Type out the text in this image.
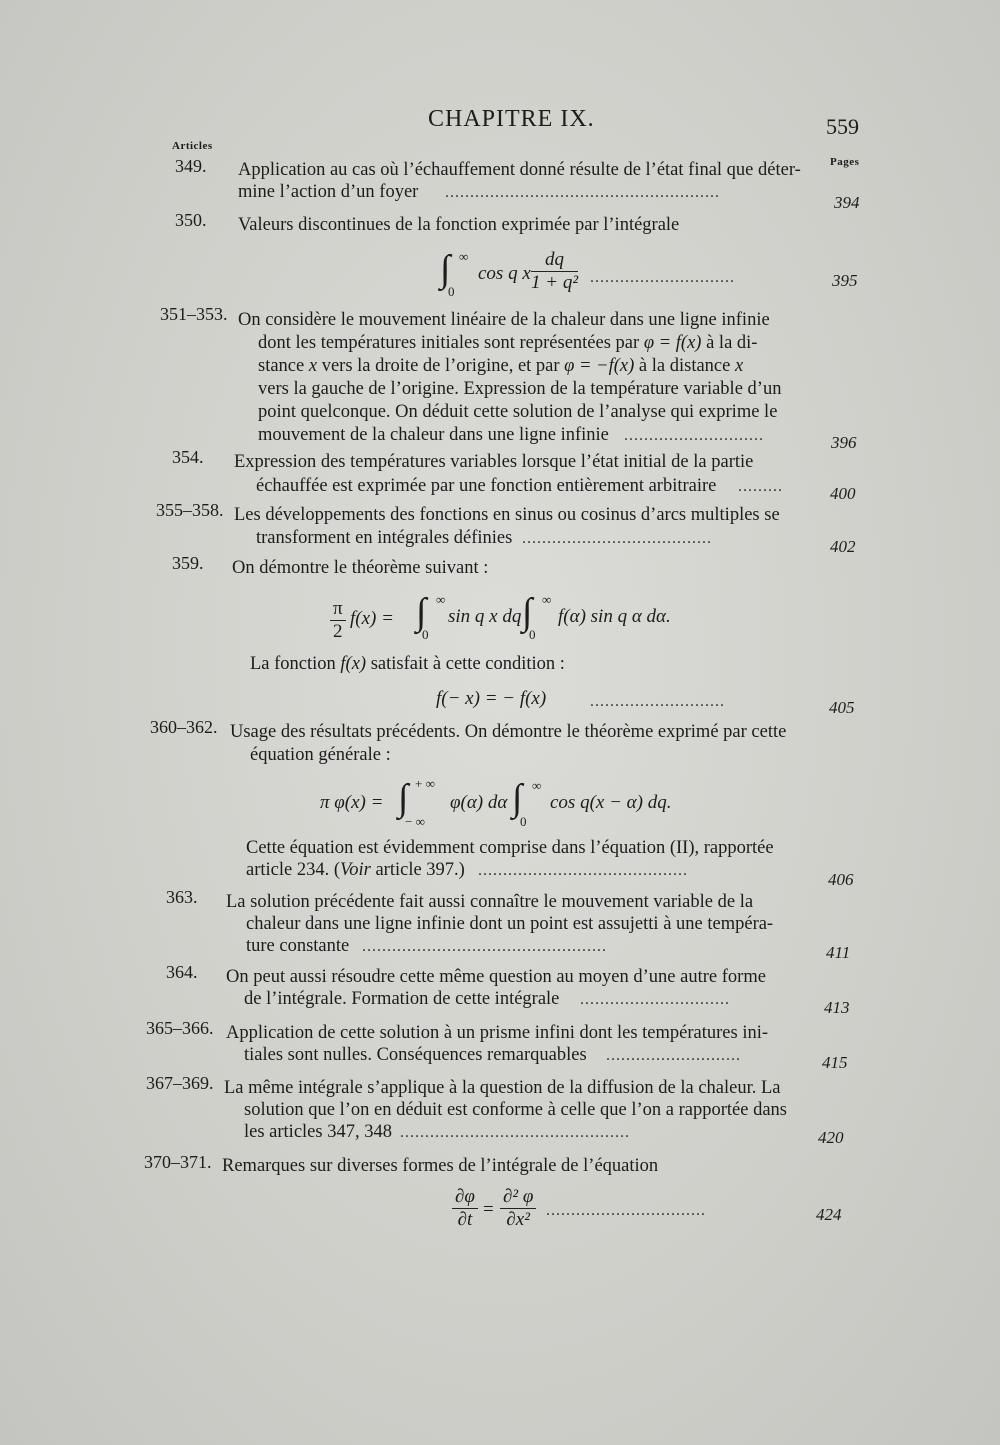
CHAPITRE IX.	559
Articles
Pages
349. Application au cas où l’échauffement donné résulte de l’état final que déter-
mine l’action d’un foyer .......................................................
394
350. Valeurs discontinues de la fonction exprimée par l’intégrale
∫ ∞
0
cos q x $\frac{dq}{\text{1 + q²}}$ .............................	395
351–353. On considère le mouvement linéaire de la chaleur dans une ligne infinie
dont les températures initiales sont représentées par φ = f(x) à la di-
stance x vers la droite de l’origine, et par φ = −f(x) à la distance x
vers la gauche de l’origine. Expression de la température variable d’un
point quelconque. On déduit cette solution de l’analyse qui exprime le
mouvement de la chaleur dans une ligne infinie ............................	396
354. Expression des températures variables lorsque l’état initial de la partie
échauffée est exprimée par une fonction entièrement arbitraire .........	400
355–358. Les développements des fonctions en sinus ou cosinus d’arcs multiples se
transforment en intégrales définies ......................................	402
359. On démontre le théorème suivant :
$\frac{\pi}{2} f(x)$ = ∫ ∞
0
sin q x dq ∫ ∞
0
f(α) sin q α dα.
La fonction f(x) satisfait à cette condition :
f(− x) = − f(x)	...........................	405
360–362. Usage des résultats précédents. On démontre le théorème exprimé par cette
équation générale :
π φ(x) = ∫ + ∞
− ∞
φ(α) dα ∫ ∞
0
cos q(x − α) dq.
Cette équation est évidemment comprise dans l’équation (II), rapportée
article 234. (Voir article 397.) ..........................................	406
363. La solution précédente fait aussi connaître le mouvement variable de la
chaleur dans une ligne infinie dont un point est assujetti à une tempéra-
ture constante .................................................	411
364. On peut aussi résoudre cette même question au moyen d’une autre forme
de l’intégrale. Formation de cette intégrale ..............................	413
365–366. Application de cette solution à un prisme infini dont les températures ini-
tiales sont nulles. Conséquences remarquables ...........................	415
367–369. La même intégrale s’applique à la question de la diffusion de la chaleur. La
solution que l’on en déduit est conforme à celle que l’on a rapportée dans
les articles 347, 348 ..............................................	420
370–371. Remarques sur diverses formes de l’intégrale de l’équation
$\frac{\partial\varphi}{\partial t} = \frac{\text{∂² φ}}{\text{∂x²}}$ ................................	424
